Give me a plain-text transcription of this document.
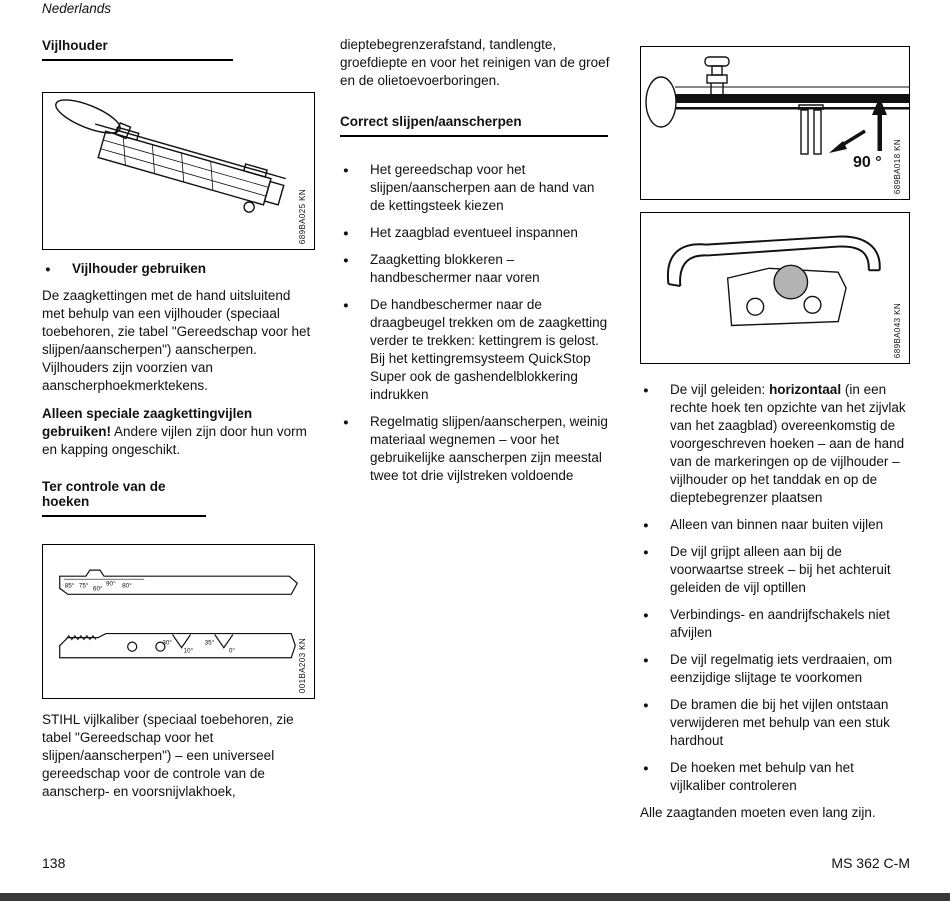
Nederlands
Vijlhouder
689BA025 KN
● Vijlhouder gebruiken

De zaagkettingen met de hand uitsluitend met behulp van een vijlhouder (speciaal toebehoren, zie tabel "Gereedschap voor het slijpen/aanscherpen") aanscherpen. Vijlhouders zijn voorzien van aanscherphoekmerktekens.

Alleen speciale zaagkettingvijlen gebruiken! Andere vijlen zijn door hun vorm en kapping ongeschikt.

Ter controle van de hoeken
85° 75° 60°
90° 80°
30°
10°
35°
0°	001BA203 KN

STIHL vijlkaliber (speciaal toebehoren, zie tabel "Gereedschap voor het slijpen/aanscherpen") – een universeel gereedschap voor de controle van de aanscherp- en voorsnijvlakhoek,

dieptebegrenzerafstand, tandlengte, groefdiepte en voor het reinigen van de groef en de olietoevoerboringen.

Correct slijpen/aanscherpen
● Het gereedschap voor het slijpen/aanscherpen aan de hand van de kettingsteek kiezen
● Het zaagblad eventueel inspannen
● Zaagketting blokkeren – handbeschermer naar voren
● De handbeschermer naar de draagbeugel trekken om de zaagketting verder te trekken: kettingrem is gelost. Bij het kettingremsysteem QuickStop Super ook de gashendelblokkering indrukken
● Regelmatig slijpen/aanscherpen, weinig materiaal wegnemen – voor het gebruikelijke aanscherpen zijn meestal twee tot drie vijlstreken voldoende
90 °	689BA018 KN
689BA043 KN
● De vijl geleiden: horizontaal (in een rechte hoek ten opzichte van het zijvlak van het zaagblad) overeenkomstig de voorgeschreven hoeken – aan de hand van de markeringen op de vijlhouder – vijlhouder op het tanddak en op de dieptebegrenzer plaatsen
● Alleen van binnen naar buiten vijlen
● De vijl grijpt alleen aan bij de voorwaartse streek – bij het achteruit geleiden de vijl optillen
● Verbindings- en aandrijfschakels niet afvijlen
● De vijl regelmatig iets verdraaien, om eenzijdige slijtage te voorkomen
● De bramen die bij het vijlen ontstaan verwijderen met behulp van een stuk hardhout
● De hoeken met behulp van het vijlkaliber controleren

Alle zaagtanden moeten even lang zijn.

138	MS 362 C-M
